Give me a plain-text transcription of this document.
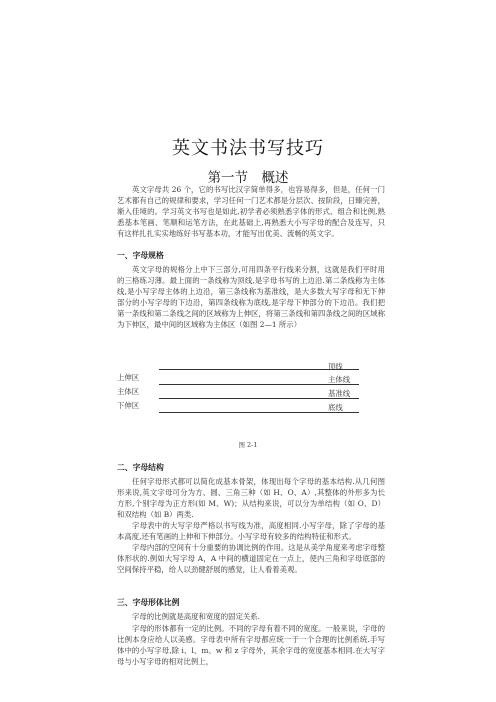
英文书法书写技巧
第一节　概述

英文字母共 26 个，它的书写比汉字简单得多，也容易得多，但是，任何一门艺术都有自己的规律和要求，学习任何一门艺术都是分层次、按阶段，日臻完善，渐入佳境的。学习英文书写也是如此,初学者必须熟悉字体的形式、组合和比例,熟悉基本笔画、笔顺和运笔方法，在此基础上,再熟悉大小写字母的配合及连写，只有这样扎扎实实地练好书写基本功，才能写出优美、流畅的英文字。

一、字母规格

英文字母的规格分上中下三部分,可用四条平行线来分割，这就是我们平时用的三格练习薄。最上面的一条线称为顶线,是字母书写的上边沿.第二条线称为主体线,是小写字母主体的上边沿，第三条线称为基准线，是大多数大写字母和无下伸部分的小写字母的下边沿，第四条线称为底线,是字母下伸部分的下边沿。我们把第一条线和第二条线之间的区域称为上伸区，将第三条线和第四条线之间的区域称为下伸区，最中间的区域称为主体区（如图 2—1 所示）

上伸区
主体区
下伸区
顶线
主体线
基准线
底线
图 2-1
二、字母结构

任何字母形式都可以简化成基本骨架，体现出每个字母的基本结构.从几何图形来说,英文字母可分为方、圆、三角三种（如 H、O、A）,其整体的外形多为长方形,个别字母为正方形(如 M、W)；从结构来说，可以分为单结构（如 O、D）和双结构（如 B）两类.

字母表中的大写字母严格以书写线为准，高度相同.小写字母，除了字母的基本高度,还有笔画的上伸和下伸部分。小写字母有较多的结构特征和形式。

字母内部的空间有十分重要的协调比例的作用。这是从美学角度来考虑字母整体形状的.例如大写字母 A，A 中间的横道固定在一点上，使内三角和字母底部的空间保持平稳，给人以劲健舒展的感觉，让人看着美观。

三、字母形体比例

字母的比例就是高度和宽度的固定关系.

字母的形体都有一定的比例。不同的字母有着不同的宽度。一般来说，字母的比例本身应给人以美感。字母表中所有字母都应统一于一个合理的比例系统.手写体中的小写字母,除 i、l、m、w 和 z 字母外，其余字母的宽度基本相同.在大写字母与小写字母的相对比例上，
